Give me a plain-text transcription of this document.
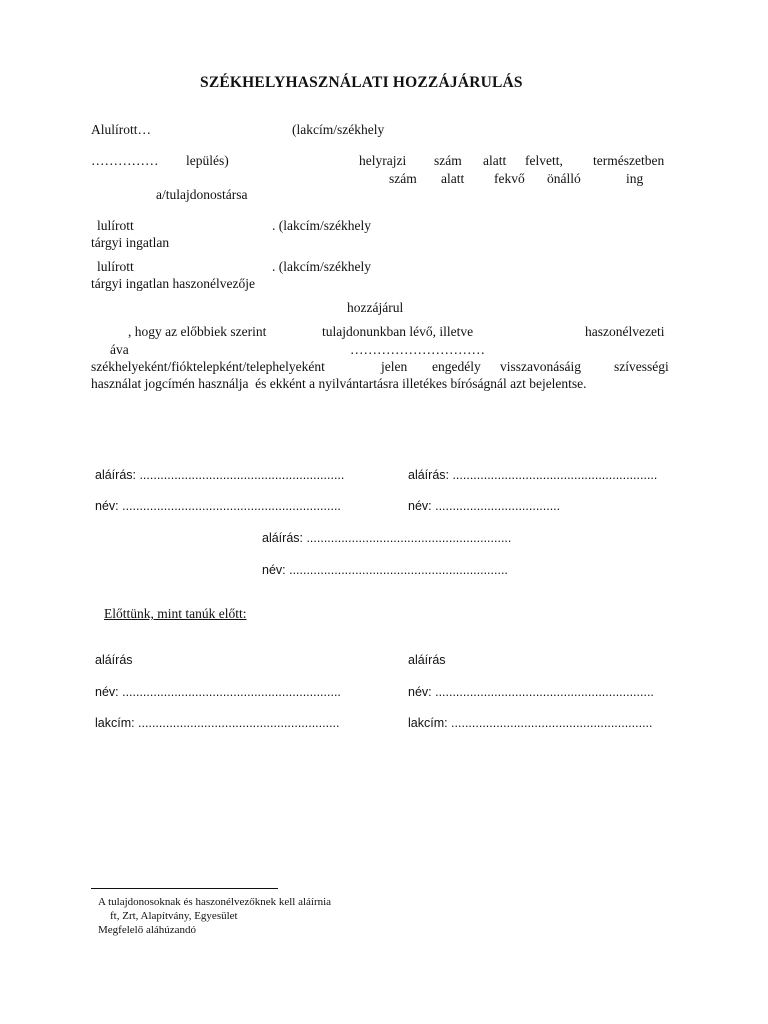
SZÉKHELYHASZNÁLATI HOZZÁJÁRULÁS
Alulírott…	(lakcím/székhely
…………… lepülés)	helyrajzi szám alatt felvett, természetben
szám alatt fekvő önálló	ing
a/tulajdonostársa
lulírott	. (lakcím/székhely
tárgyi ingatlan
lulírott	. (lakcím/székhely
tárgyi ingatlan haszonélvezője
hozzájárul
, hogy az előbbiek szerint	tulajdonunkban lévő, illetve	haszonélvezeti
áva	…………………………
székhelyeként/fióktelepként/telephelyeként	jelen engedély visszavonásáig szívességi
használat jogcímén használja  és ekként a nyilvántartásra illetékes bíróságnál azt bejelentse.
aláírás: ...........................................................	aláírás: ...........................................................
név: ...............................................................	név: ....................................
aláírás: ...........................................................
név: ...............................................................
Előttünk, mint tanúk előtt:
aláírás	aláírás
név: ...............................................................	név: ...............................................................
lakcím: ..........................................................	lakcím: ..........................................................
A tulajdonosoknak és haszonélvezőknek kell aláírnia
ft, Zrt, Alapítvány, Egyesület
Megfelelő aláhúzandó
